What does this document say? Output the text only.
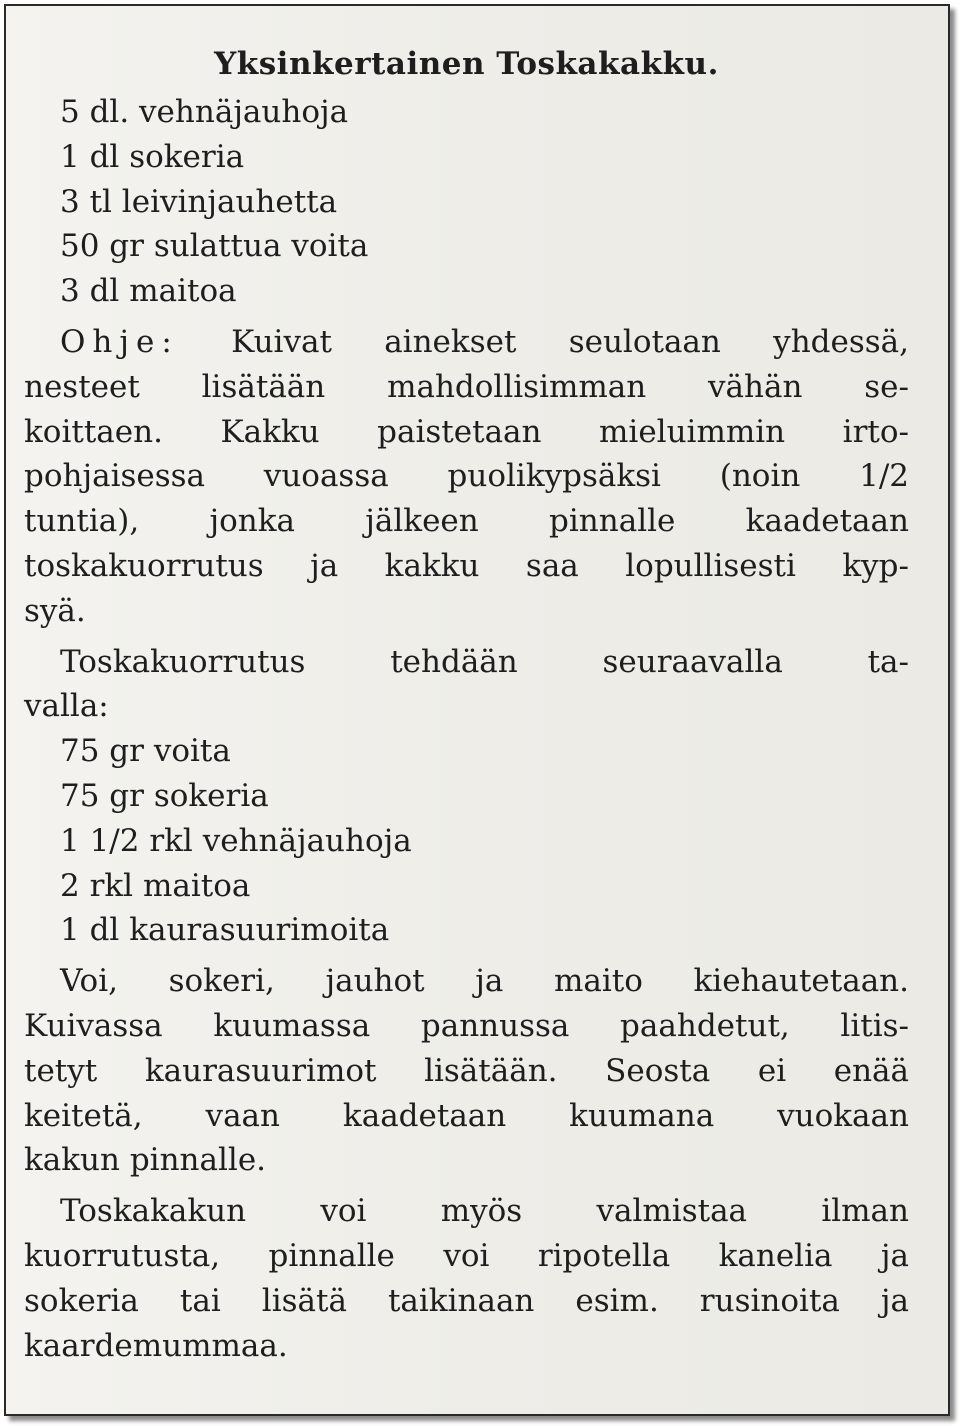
Yksinkertainen Toskakakku.
5 dl. vehnäjauhoja
1 dl sokeria
3 tl leivinjauhetta
50 gr sulattua voita
3 dl maitoa
Ohje: Kuivat ainekset seulotaan yhdessä,
nesteet lisätään mahdollisimman vähän se-
koittaen. Kakku paistetaan mieluimmin irto-
pohjaisessa vuoassa puolikypsäksi (noin 1/2
tuntia), jonka jälkeen pinnalle kaadetaan
toskakuorrutus ja kakku saa lopullisesti kyp-
syä.
Toskakuorrutus tehdään seuraavalla ta-
valla:
75 gr voita
75 gr sokeria
1 1/2 rkl vehnäjauhoja
2 rkl maitoa
1 dl kaurasuurimoita
Voi, sokeri, jauhot ja maito kiehautetaan.
Kuivassa kuumassa pannussa paahdetut, litis-
tetyt kaurasuurimot lisätään. Seosta ei enää
keitetä, vaan kaadetaan kuumana vuokaan
kakun pinnalle.
Toskakakun voi myös valmistaa ilman
kuorrutusta, pinnalle voi ripotella kanelia ja
sokeria tai lisätä taikinaan esim. rusinoita ja
kaardemummaa.
